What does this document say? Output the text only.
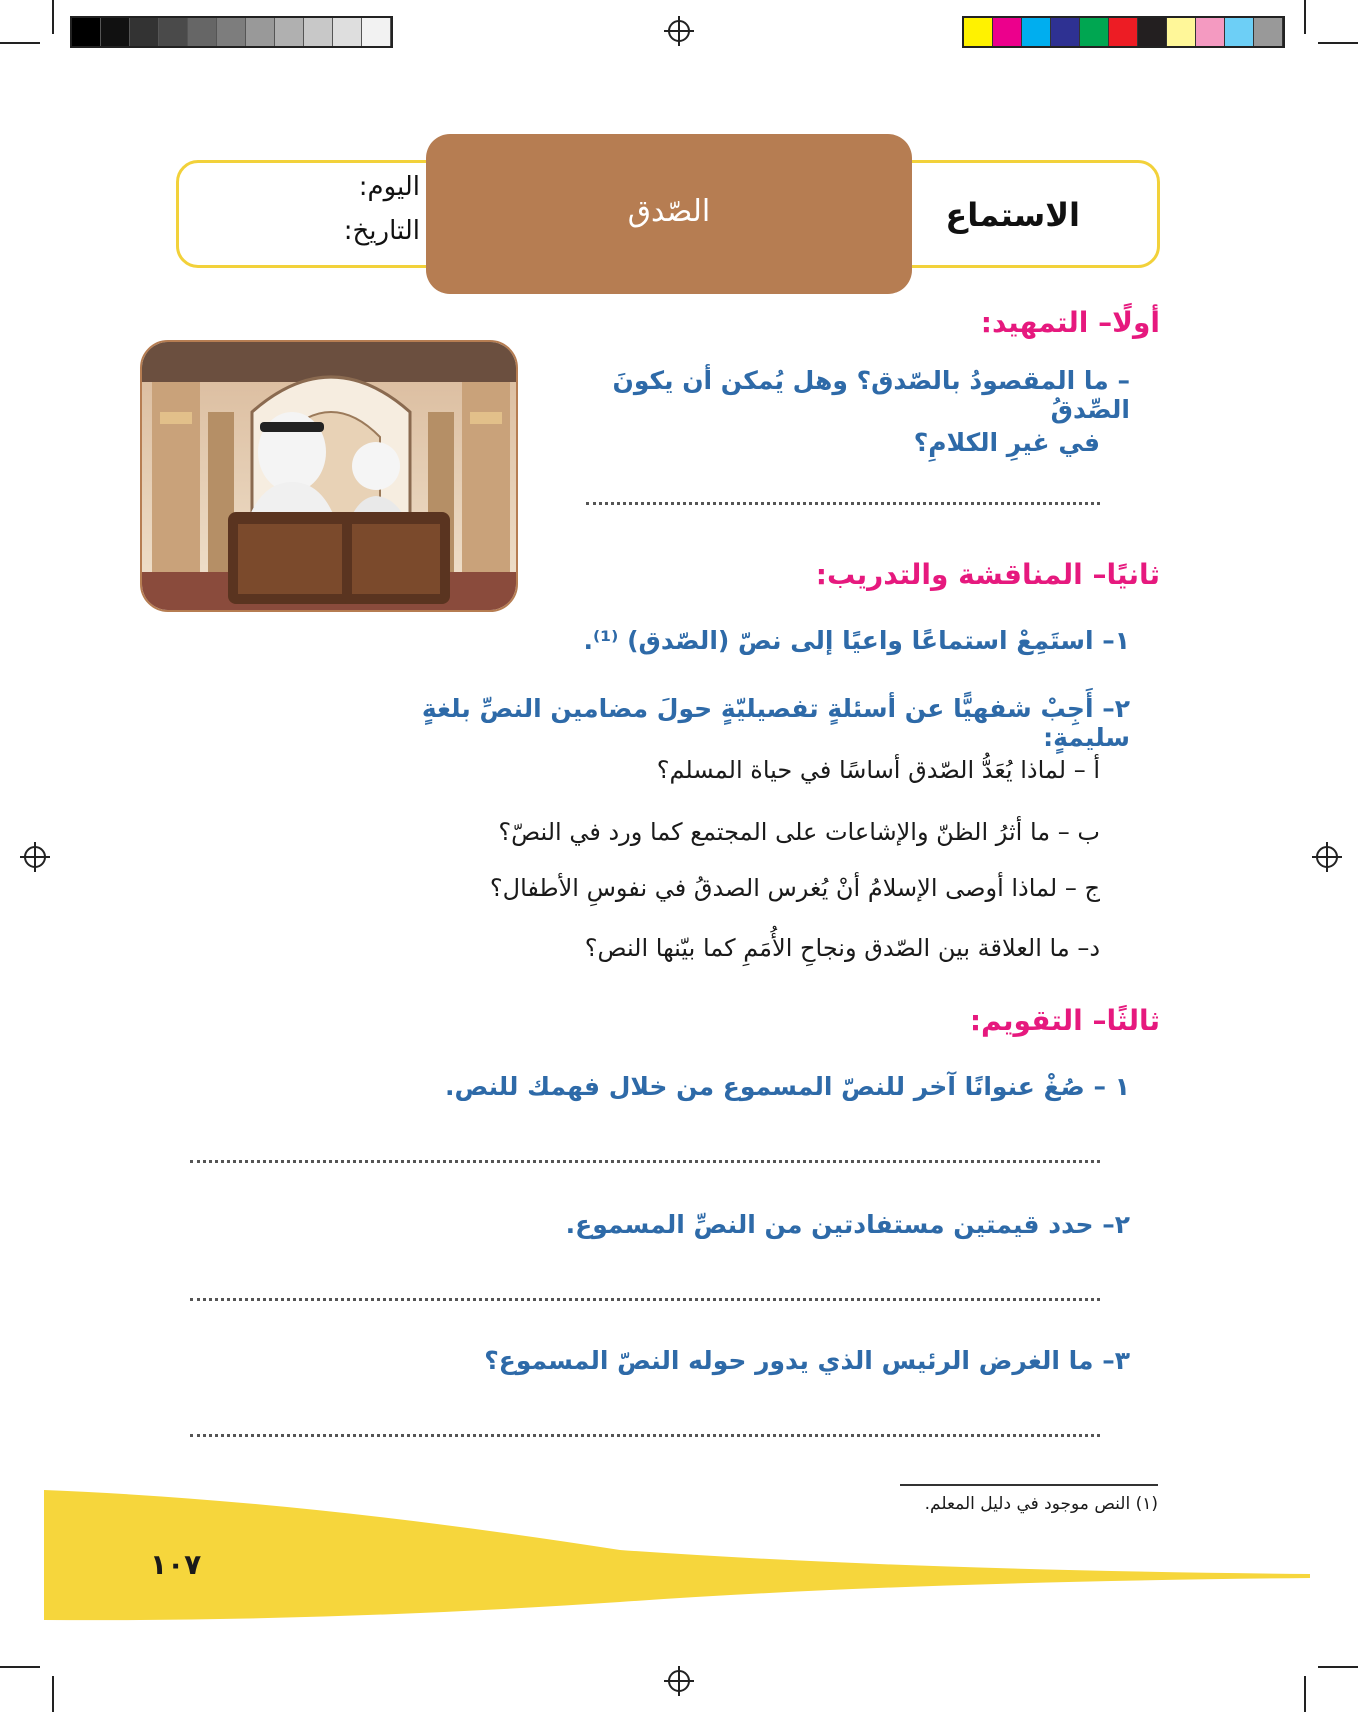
الصّدق	الاستماع
اليوم:
التاريخ:
أولًا– التمهيد:
– ما المقصودُ بالصّدق؟ وهل يُمكن أن يكونَ الصِّدقُ
في غيرِ الكلامِ؟
ثانيًا– المناقشة والتدريب:
١– استَمِعْ استماعًا واعيًا إلى نصّ (الصّدق) ⁽¹⁾.
٢– أَجِبْ شفهيًّا عن أسئلةٍ تفصيليّةٍ حولَ مضامين النصِّ بلغةٍ سليمةٍ:
أ – لماذا يُعَدُّ الصّدق أساسًا في حياة المسلم؟
ب – ما أثرُ الظنّ والإشاعات على المجتمع كما ورد في النصّ؟
ج – لماذا أوصى الإسلامُ أنْ يُغرس الصدقُ في نفوسِ الأطفال؟
د– ما العلاقة بين الصّدق ونجاحِ الأُمَمِ كما بيّنها النص؟
ثالثًا– التقويم:
١ – صُغْ عنوانًا آخر للنصّ المسموع من خلال فهمك للنص.
٢– حدد قيمتين مستفادتين من النصِّ المسموع.
٣– ما الغرض الرئيس الذي يدور حوله النصّ المسموع؟
(١) النص موجود في دليل المعلم.
١٠٧
